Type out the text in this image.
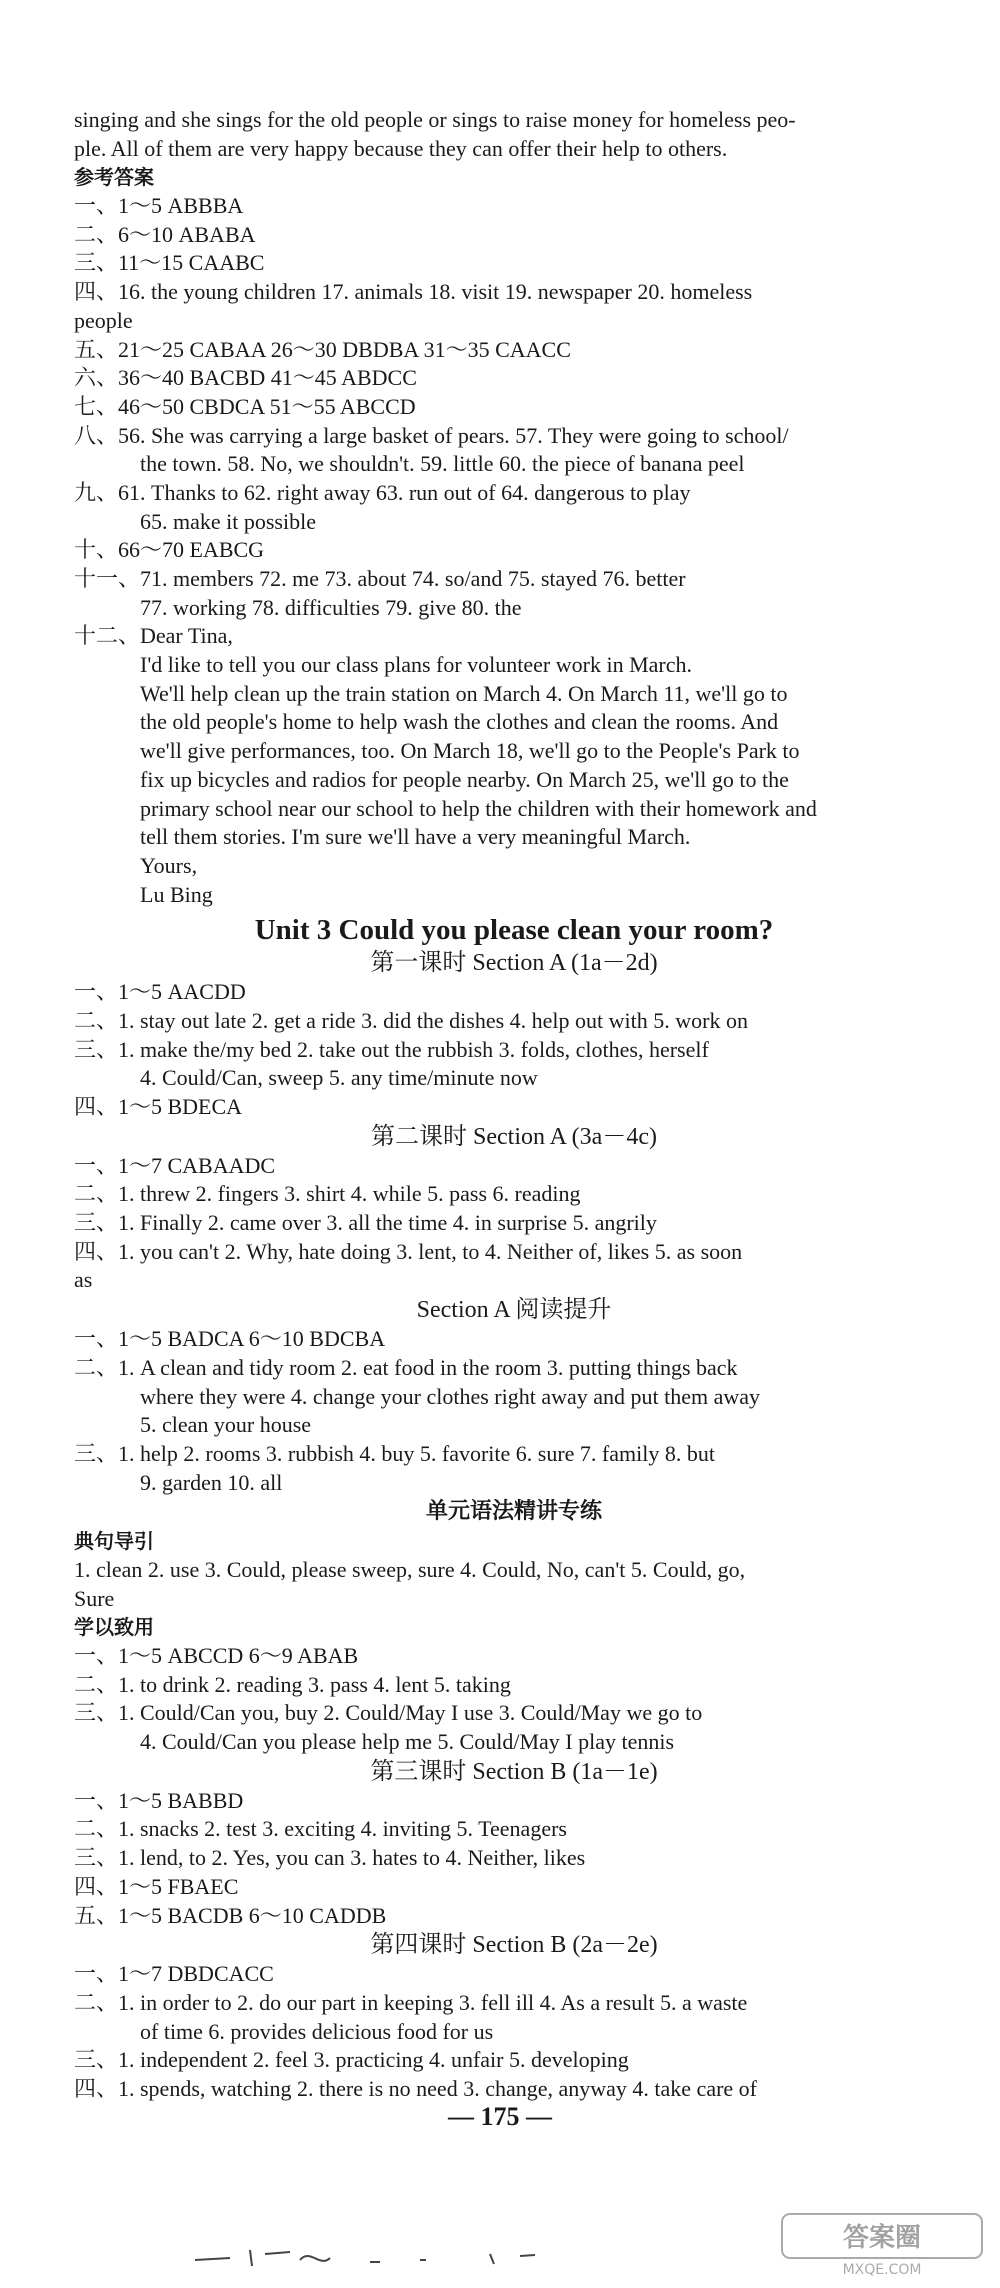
singing and she sings for the old people or sings to raise money for homeless peo-
ple. All of them are very happy because they can offer their help to others.
参考答案
一、1～5 ABBBA
二、6～10 ABABA
三、11～15 CAABC
四、16. the young children 17. animals 18. visit 19. newspaper 20. homeless
people
五、21～25 CABAA 26～30 DBDBA 31～35 CAACC
六、36～40 BACBD 41～45 ABDCC
七、46～50 CBDCA 51～55 ABCCD
八、56. She was carrying a large basket of pears. 57. They were going to school/
the town. 58. No, we shouldn't. 59. little 60. the piece of banana peel
九、61. Thanks to 62. right away 63. run out of 64. dangerous to play
65. make it possible
十、66～70 EABCG
十一、71. members 72. me 73. about 74. so/and 75. stayed 76. better
77. working 78. difficulties 79. give 80. the
十二、Dear Tina,
I'd like to tell you our class plans for volunteer work in March.
We'll help clean up the train station on March 4. On March 11, we'll go to
the old people's home to help wash the clothes and clean the rooms. And
we'll give performances, too. On March 18, we'll go to the People's Park to
fix up bicycles and radios for people nearby. On March 25, we'll go to the
primary school near our school to help the children with their homework and
tell them stories. I'm sure we'll have a very meaningful March.
Yours,
Lu Bing
Unit 3 Could you please clean your room?
第一课时 Section A (1a－2d)
一、1～5 AACDD
二、1. stay out late 2. get a ride 3. did the dishes 4. help out with 5. work on
三、1. make the/my bed 2. take out the rubbish 3. folds, clothes, herself
4. Could/Can, sweep 5. any time/minute now
四、1～5 BDECA
第二课时 Section A (3a－4c)
一、1～7 CABAADC
二、1. threw 2. fingers 3. shirt 4. while 5. pass 6. reading
三、1. Finally 2. came over 3. all the time 4. in surprise 5. angrily
四、1. you can't 2. Why, hate doing 3. lent, to 4. Neither of, likes 5. as soon
as
Section A 阅读提升
一、1～5 BADCA 6～10 BDCBA
二、1. A clean and tidy room 2. eat food in the room 3. putting things back
where they were 4. change your clothes right away and put them away
5. clean your house
三、1. help 2. rooms 3. rubbish 4. buy 5. favorite 6. sure 7. family 8. but
9. garden 10. all
单元语法精讲专练
典句导引
1. clean 2. use 3. Could, please sweep, sure 4. Could, No, can't 5. Could, go,
Sure
学以致用
一、1～5 ABCCD 6～9 ABAB
二、1. to drink 2. reading 3. pass 4. lent 5. taking
三、1. Could/Can you, buy 2. Could/May I use 3. Could/May we go to
4. Could/Can you please help me 5. Could/May I play tennis
第三课时 Section B (1a－1e)
一、1～5 BABBD
二、1. snacks 2. test 3. exciting 4. inviting 5. Teenagers
三、1. lend, to 2. Yes, you can 3. hates to 4. Neither, likes
四、1～5 FBAEC
五、1～5 BACDB 6～10 CADDB
第四课时 Section B (2a－2e)
一、1～7 DBDCACC
二、1. in order to 2. do our part in keeping 3. fell ill 4. As a result 5. a waste
of time 6. provides delicious food for us
三、1. independent 2. feel 3. practicing 4. unfair 5. developing
四、1. spends, watching 2. there is no need 3. change, anyway 4. take care of
— 175 —
答案圈
MXQE.COM
